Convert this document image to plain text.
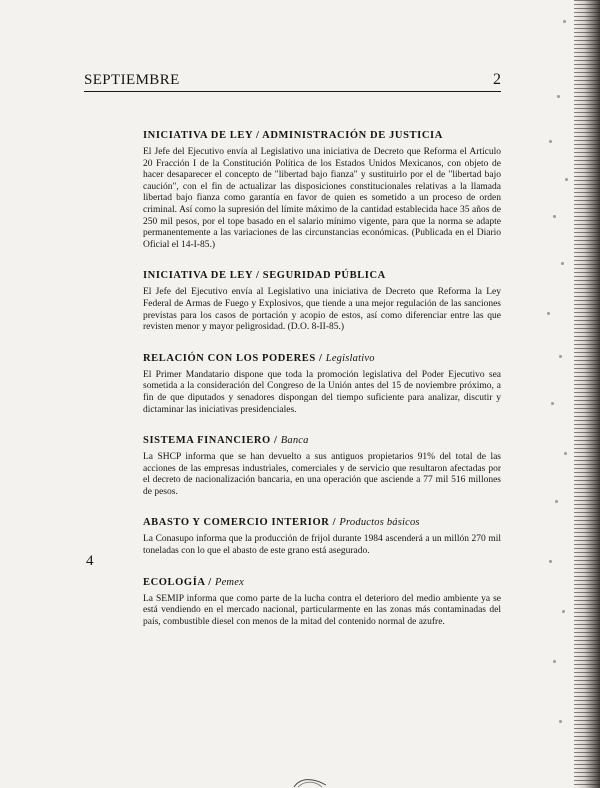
SEPTIEMBRE	2

INICIATIVA DE LEY / ADMINISTRACIÓN DE JUSTICIA

El Jefe del Ejecutivo envía al Legislativo una iniciativa de Decreto que Reforma el Artículo 20 Fracción I de la Constitución Política de los Estados Unidos Mexicanos, con objeto de hacer desaparecer el concepto de "libertad bajo fianza" y sustituirlo por el de "libertad bajo caución", con el fin de actualizar las disposiciones constitucionales relativas a la llamada libertad bajo fianza como garantía en favor de quien es sometido a un proceso de orden criminal. Así como la supresión del límite máximo de la cantidad establecida hace 35 años de 250 mil pesos, por el tope basado en el salario mínimo vigente, para que la norma se adapte permanentemente a las variaciones de las circunstancias económicas. (Publicada en el Diario Oficial el 14-I-85.)

INICIATIVA DE LEY / SEGURIDAD PÚBLICA

El Jefe del Ejecutivo envía al Legislativo una iniciativa de Decreto que Reforma la Ley Federal de Armas de Fuego y Explosivos, que tiende a una mejor regulación de las sanciones previstas para los casos de portación y acopio de estos, así como diferenciar entre las que revisten menor y mayor peligrosidad. (D.O. 8-II-85.)

RELACIÓN CON LOS PODERES / Legislativo

El Primer Mandatario dispone que toda la promoción legislativa del Poder Ejecutivo sea sometida a la consideración del Congreso de la Unión antes del 15 de noviembre próximo, a fin de que diputados y senadores dispongan del tiempo suficiente para analizar, discutir y dictaminar las iniciativas presidenciales.

SISTEMA FINANCIERO / Banca

La SHCP informa que se han devuelto a sus antiguos propietarios 91% del total de las acciones de las empresas industriales, comerciales y de servicio que resultaron afectadas por el decreto de nacionalización bancaria, en una operación que asciende a 77 mil 516 millones de pesos.

ABASTO Y COMERCIO INTERIOR / Productos básicos

La Conasupo informa que la producción de frijol durante 1984 ascenderá a un millón 270 mil toneladas con lo que el abasto de este grano está asegurado.

ECOLOGÍA / Pemex

La SEMIP informa que como parte de la lucha contra el deterioro del medio ambiente ya se está vendiendo en el mercado nacional, particularmente en las zonas más contaminadas del país, combustible diesel con menos de la mitad del contenido normal de azufre.

4
